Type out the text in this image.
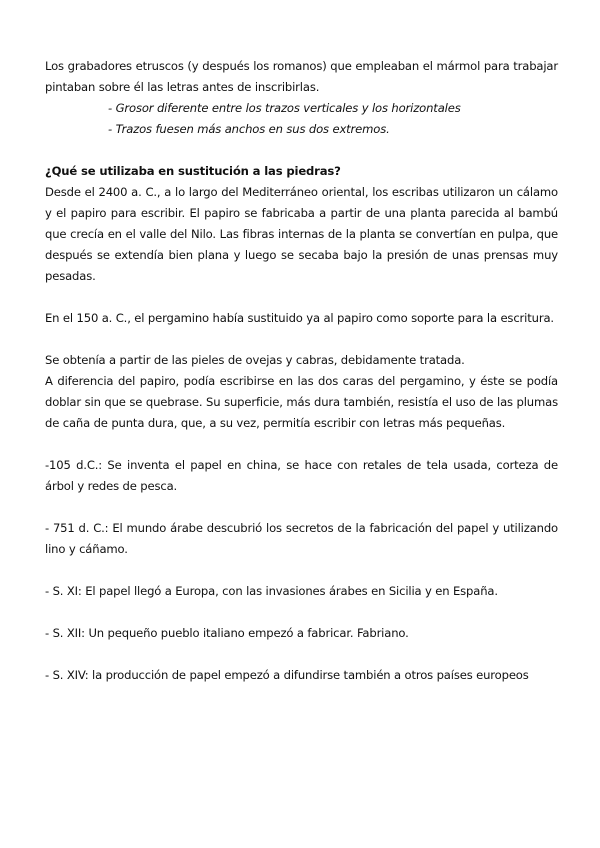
Los grabadores etruscos (y después los romanos) que empleaban el mármol para trabajar pintaban sobre él las letras antes de inscribirlas.

- Grosor diferente entre los trazos verticales y los horizontales
- Trazos fuesen más anchos en sus dos extremos.
¿Qué se utilizaba en sustitución a las piedras?

Desde el 2400 a. C., a lo largo del Mediterráneo oriental, los escribas utilizaron un cálamo y el papiro para escribir. El papiro se fabricaba a partir de una planta parecida al bambú que crecía en el valle del Nilo. Las fibras internas de la planta se convertían en pulpa, que después se extendía bien plana y luego se secaba bajo la presión de unas prensas muy pesadas.

En el 150 a. C., el pergamino había sustituido ya al papiro como soporte para la escritura.

Se obtenía a partir de las pieles de ovejas y cabras, debidamente tratada.

A diferencia del papiro, podía escribirse en las dos caras del pergamino, y éste se podía doblar sin que se quebrase. Su superficie, más dura también, resistía el uso de las plumas de caña de punta dura, que, a su vez, permitía escribir con letras más pequeñas.

-105 d.C.: Se inventa el papel en china, se hace con retales de tela usada, corteza de árbol y redes de pesca.

- 751 d. C.: El mundo árabe descubrió los secretos de la fabricación del papel y utilizando lino y cáñamo.

- S. XI: El papel llegó a Europa, con las invasiones árabes en Sicilia y en España.

- S. XII: Un pequeño pueblo italiano empezó a fabricar. Fabriano.

- S. XIV: la producción de papel empezó a difundirse también a otros países europeos
